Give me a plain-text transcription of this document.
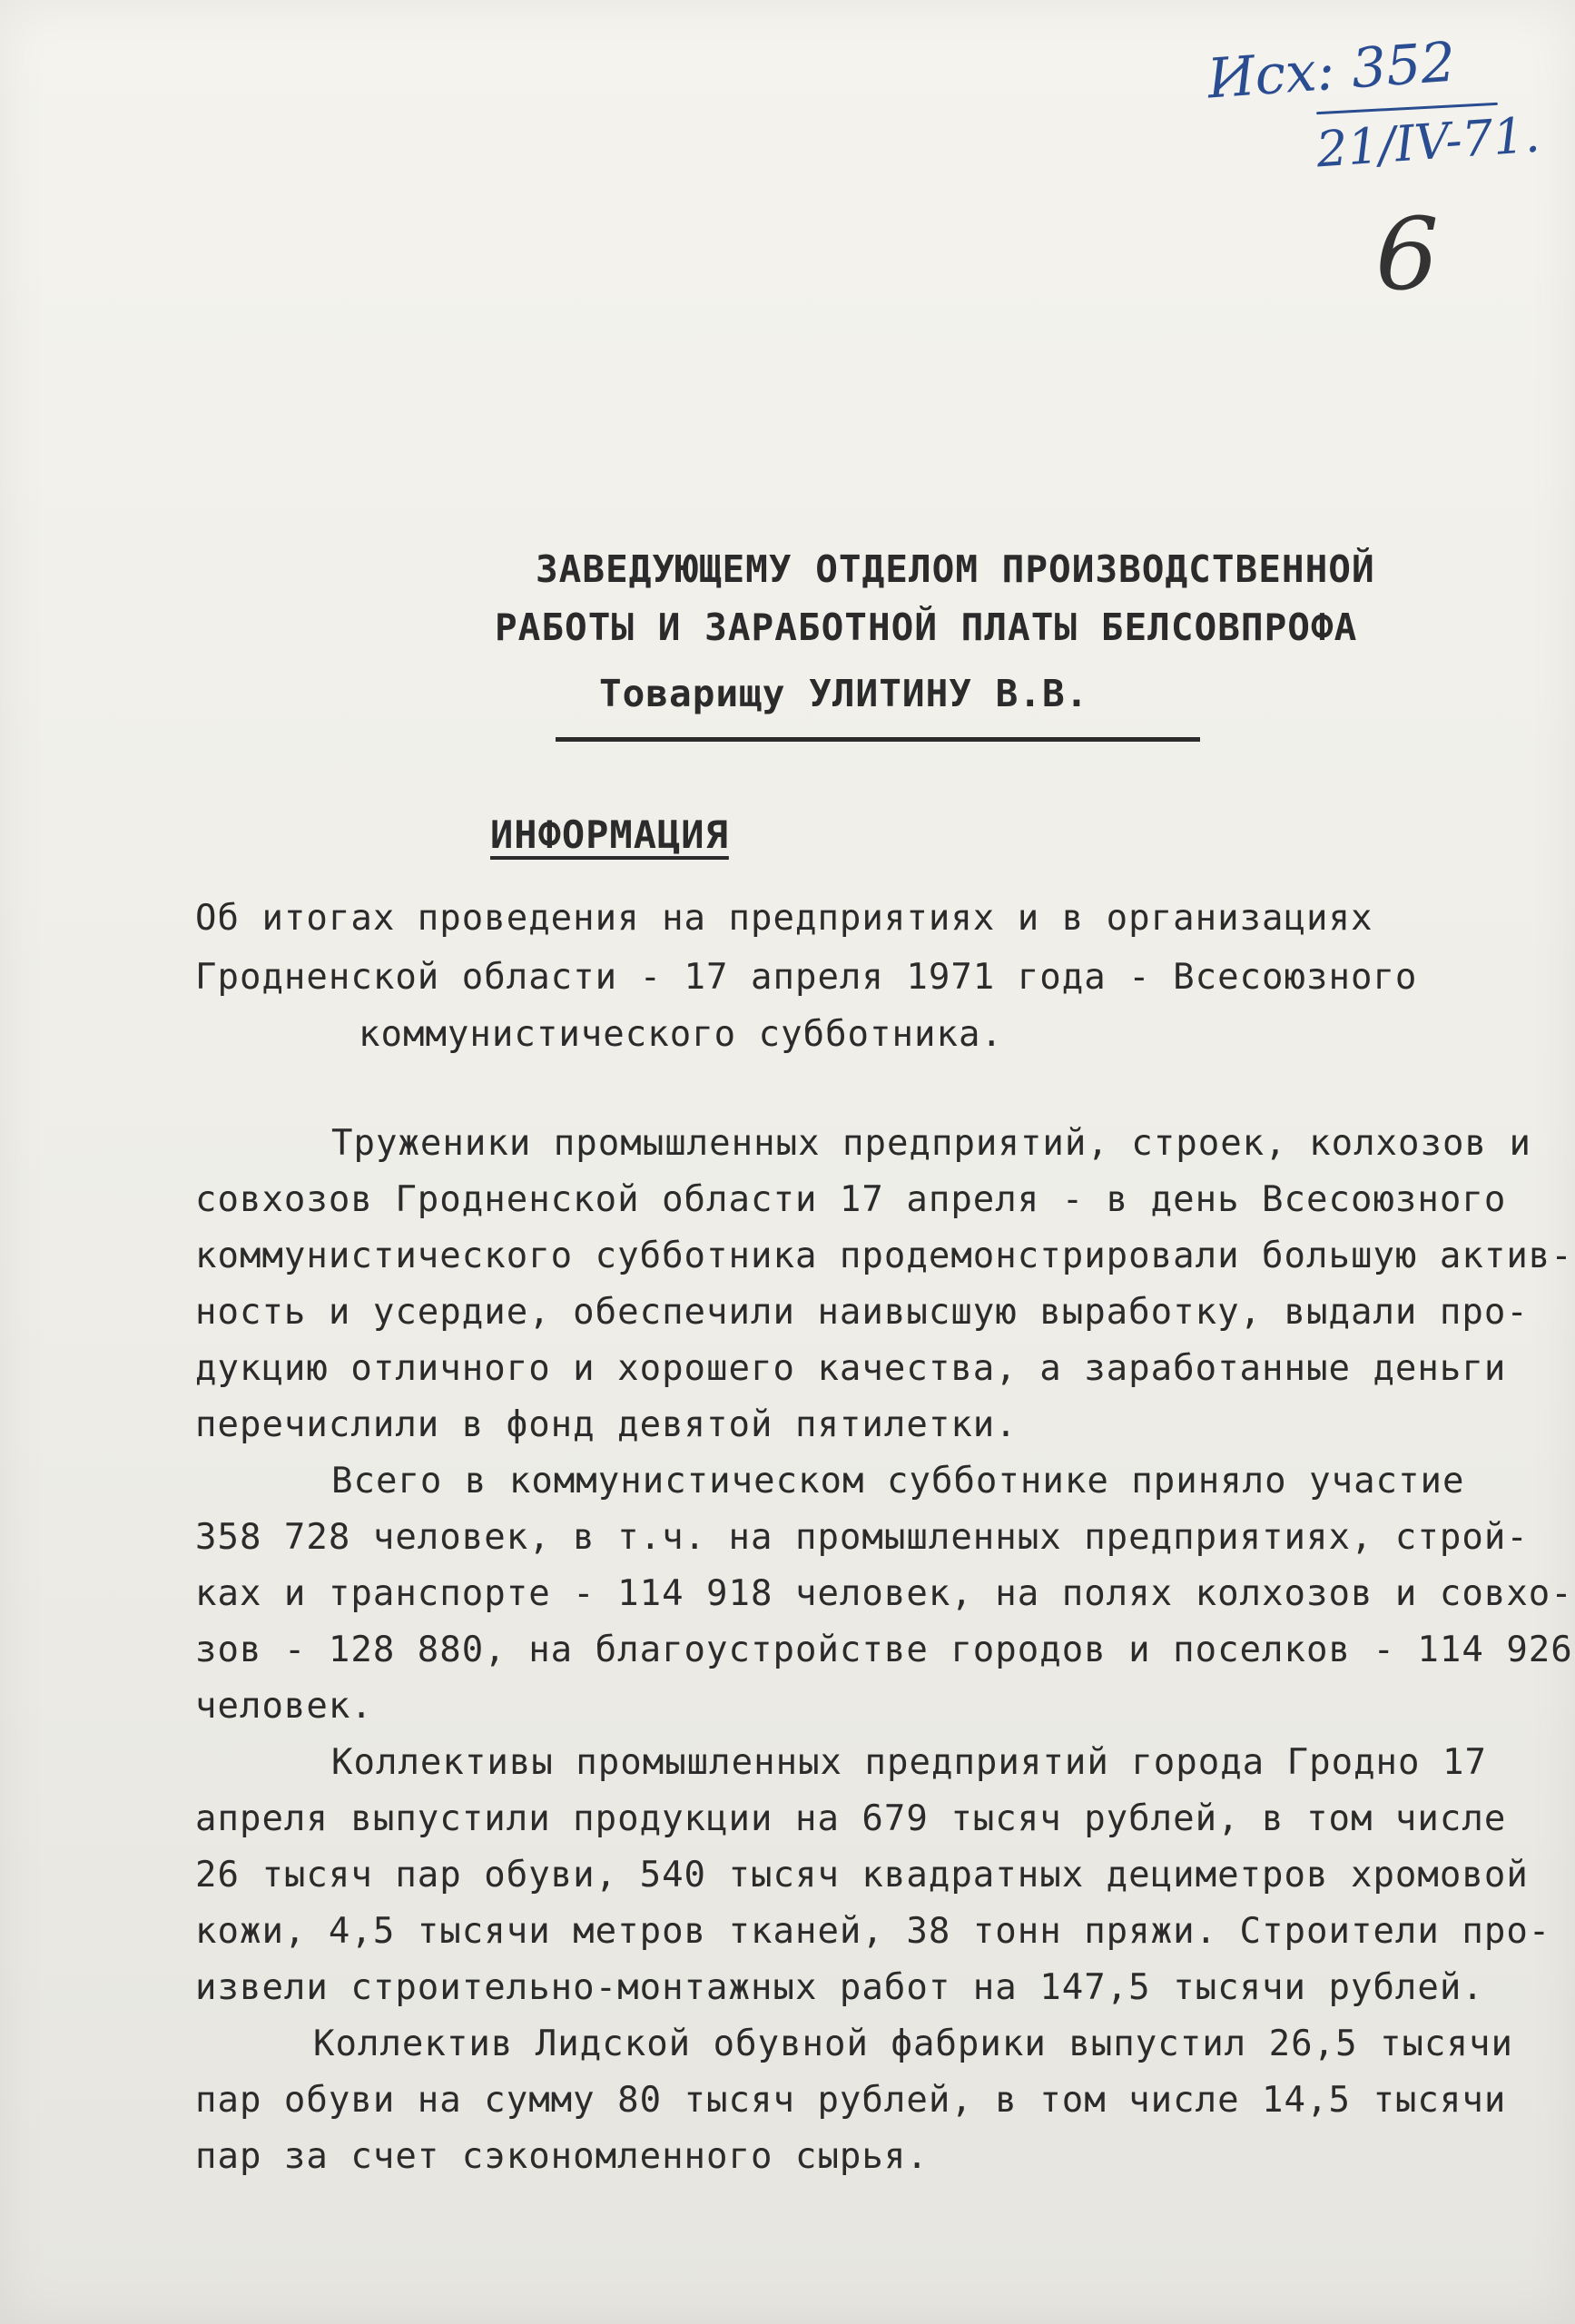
Исх: 352
21/IV-71.
6
ЗАВЕДУЮЩЕМУ ОТДЕЛОМ ПРОИЗВОДСТВЕННОЙ
РАБОТЫ И ЗАРАБОТНОЙ ПЛАТЫ БЕЛСОВПРОФА
Товарищу УЛИТИНУ В.В.
ИНФОРМАЦИЯ
Об итогах проведения на предприятиях и в организациях
Гродненской области - 17 апреля 1971 года - Всесоюзного
коммунистического субботника.
Труженики промышленных предприятий, строек, колхозов и
совхозов Гродненской области 17 апреля - в день Всесоюзного
коммунистического субботника продемонстрировали большую актив-
ность и усердие, обеспечили наивысшую выработку, выдали про-
дукцию отличного и хорошего качества, а заработанные деньги
перечислили в фонд девятой пятилетки.
Всего в коммунистическом субботнике приняло участие
358 728 человек, в т.ч. на промышленных предприятиях, строй-
ках и транспорте - 114 918 человек, на полях колхозов и совхо-
зов - 128 880, на благоустройстве городов и поселков - 114 926
человек.
Коллективы промышленных предприятий города Гродно 17
апреля выпустили продукции на 679 тысяч рублей, в том числе
26 тысяч пар обуви, 540 тысяч квадратных дециметров хромовой
кожи, 4,5 тысячи метров тканей, 38 тонн пряжи. Строители про-
извели строительно-монтажных работ на 147,5 тысячи рублей.
Коллектив Лидской обувной фабрики выпустил 26,5 тысячи
пар обуви на сумму 80 тысяч рублей, в том числе 14,5 тысячи
пар за счет сэкономленного сырья.
